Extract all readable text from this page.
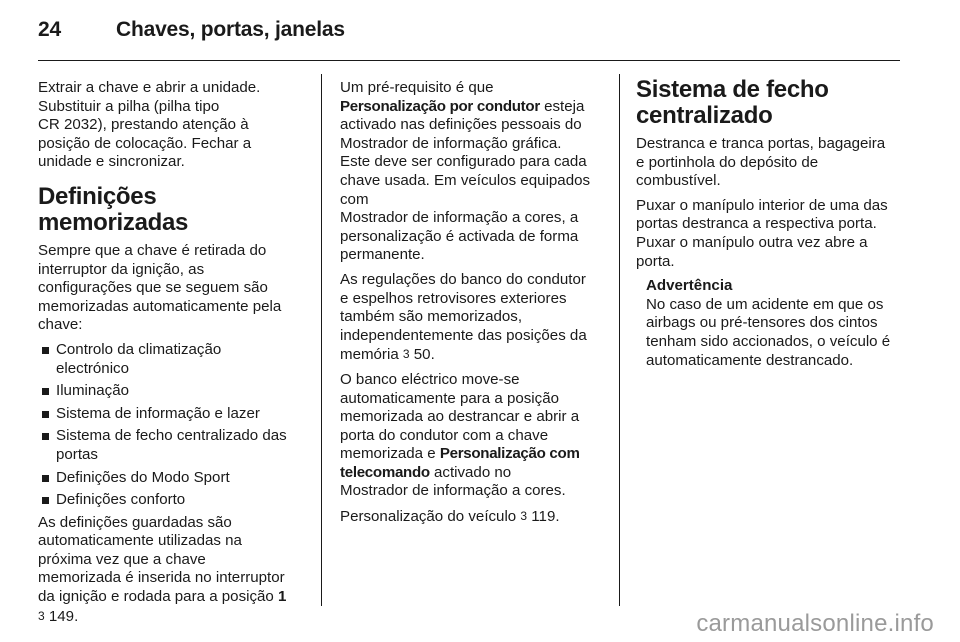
24	Chaves, portas, janelas

Extrair a chave e abrir a unidade.
Substituir a pilha (pilha tipo
CR 2032), prestando atenção à
posição de colocação. Fechar a
unidade e sincronizar.

Definições memorizadas

Sempre que a chave é retirada do
interruptor da ignição, as
configurações que se seguem são
memorizadas automaticamente pela
chave:

Controlo da climatização
electrónico
Iluminação
Sistema de informação e lazer
Sistema de fecho centralizado das
portas
Definições do Modo Sport
Definições conforto

As definições guardadas são
automaticamente utilizadas na
próxima vez que a chave
memorizada é inserida no interruptor
da ignição e rodada para a posição 1
3 149.

Um pré-requisito é que
Personalização por condutor esteja
activado nas definições pessoais do
Mostrador de informação gráfica.
Este deve ser configurado para cada
chave usada. Em veículos equipados
com
Mostrador de informação a cores, a
personalização é activada de forma
permanente.

As regulações do banco do condutor
e espelhos retrovisores exteriores
também são memorizados,
independentemente das posições da
memória 3 50.

O banco eléctrico move-se
automaticamente para a posição
memorizada ao destrancar e abrir a
porta do condutor com a chave
memorizada e Personalização com
telecomando activado no
Mostrador de informação a cores.

Personalização do veículo 3 119.

Sistema de fecho
centralizado

Destranca e tranca portas, bagageira
e portinhola do depósito de
combustível.

Puxar o manípulo interior de uma das
portas destranca a respectiva porta.
Puxar o manípulo outra vez abre a
porta.

Advertência
No caso de um acidente em que os
airbags ou pré-tensores dos cintos
tenham sido accionados, o veículo é
automaticamente destrancado.
carmanualsonline.info
